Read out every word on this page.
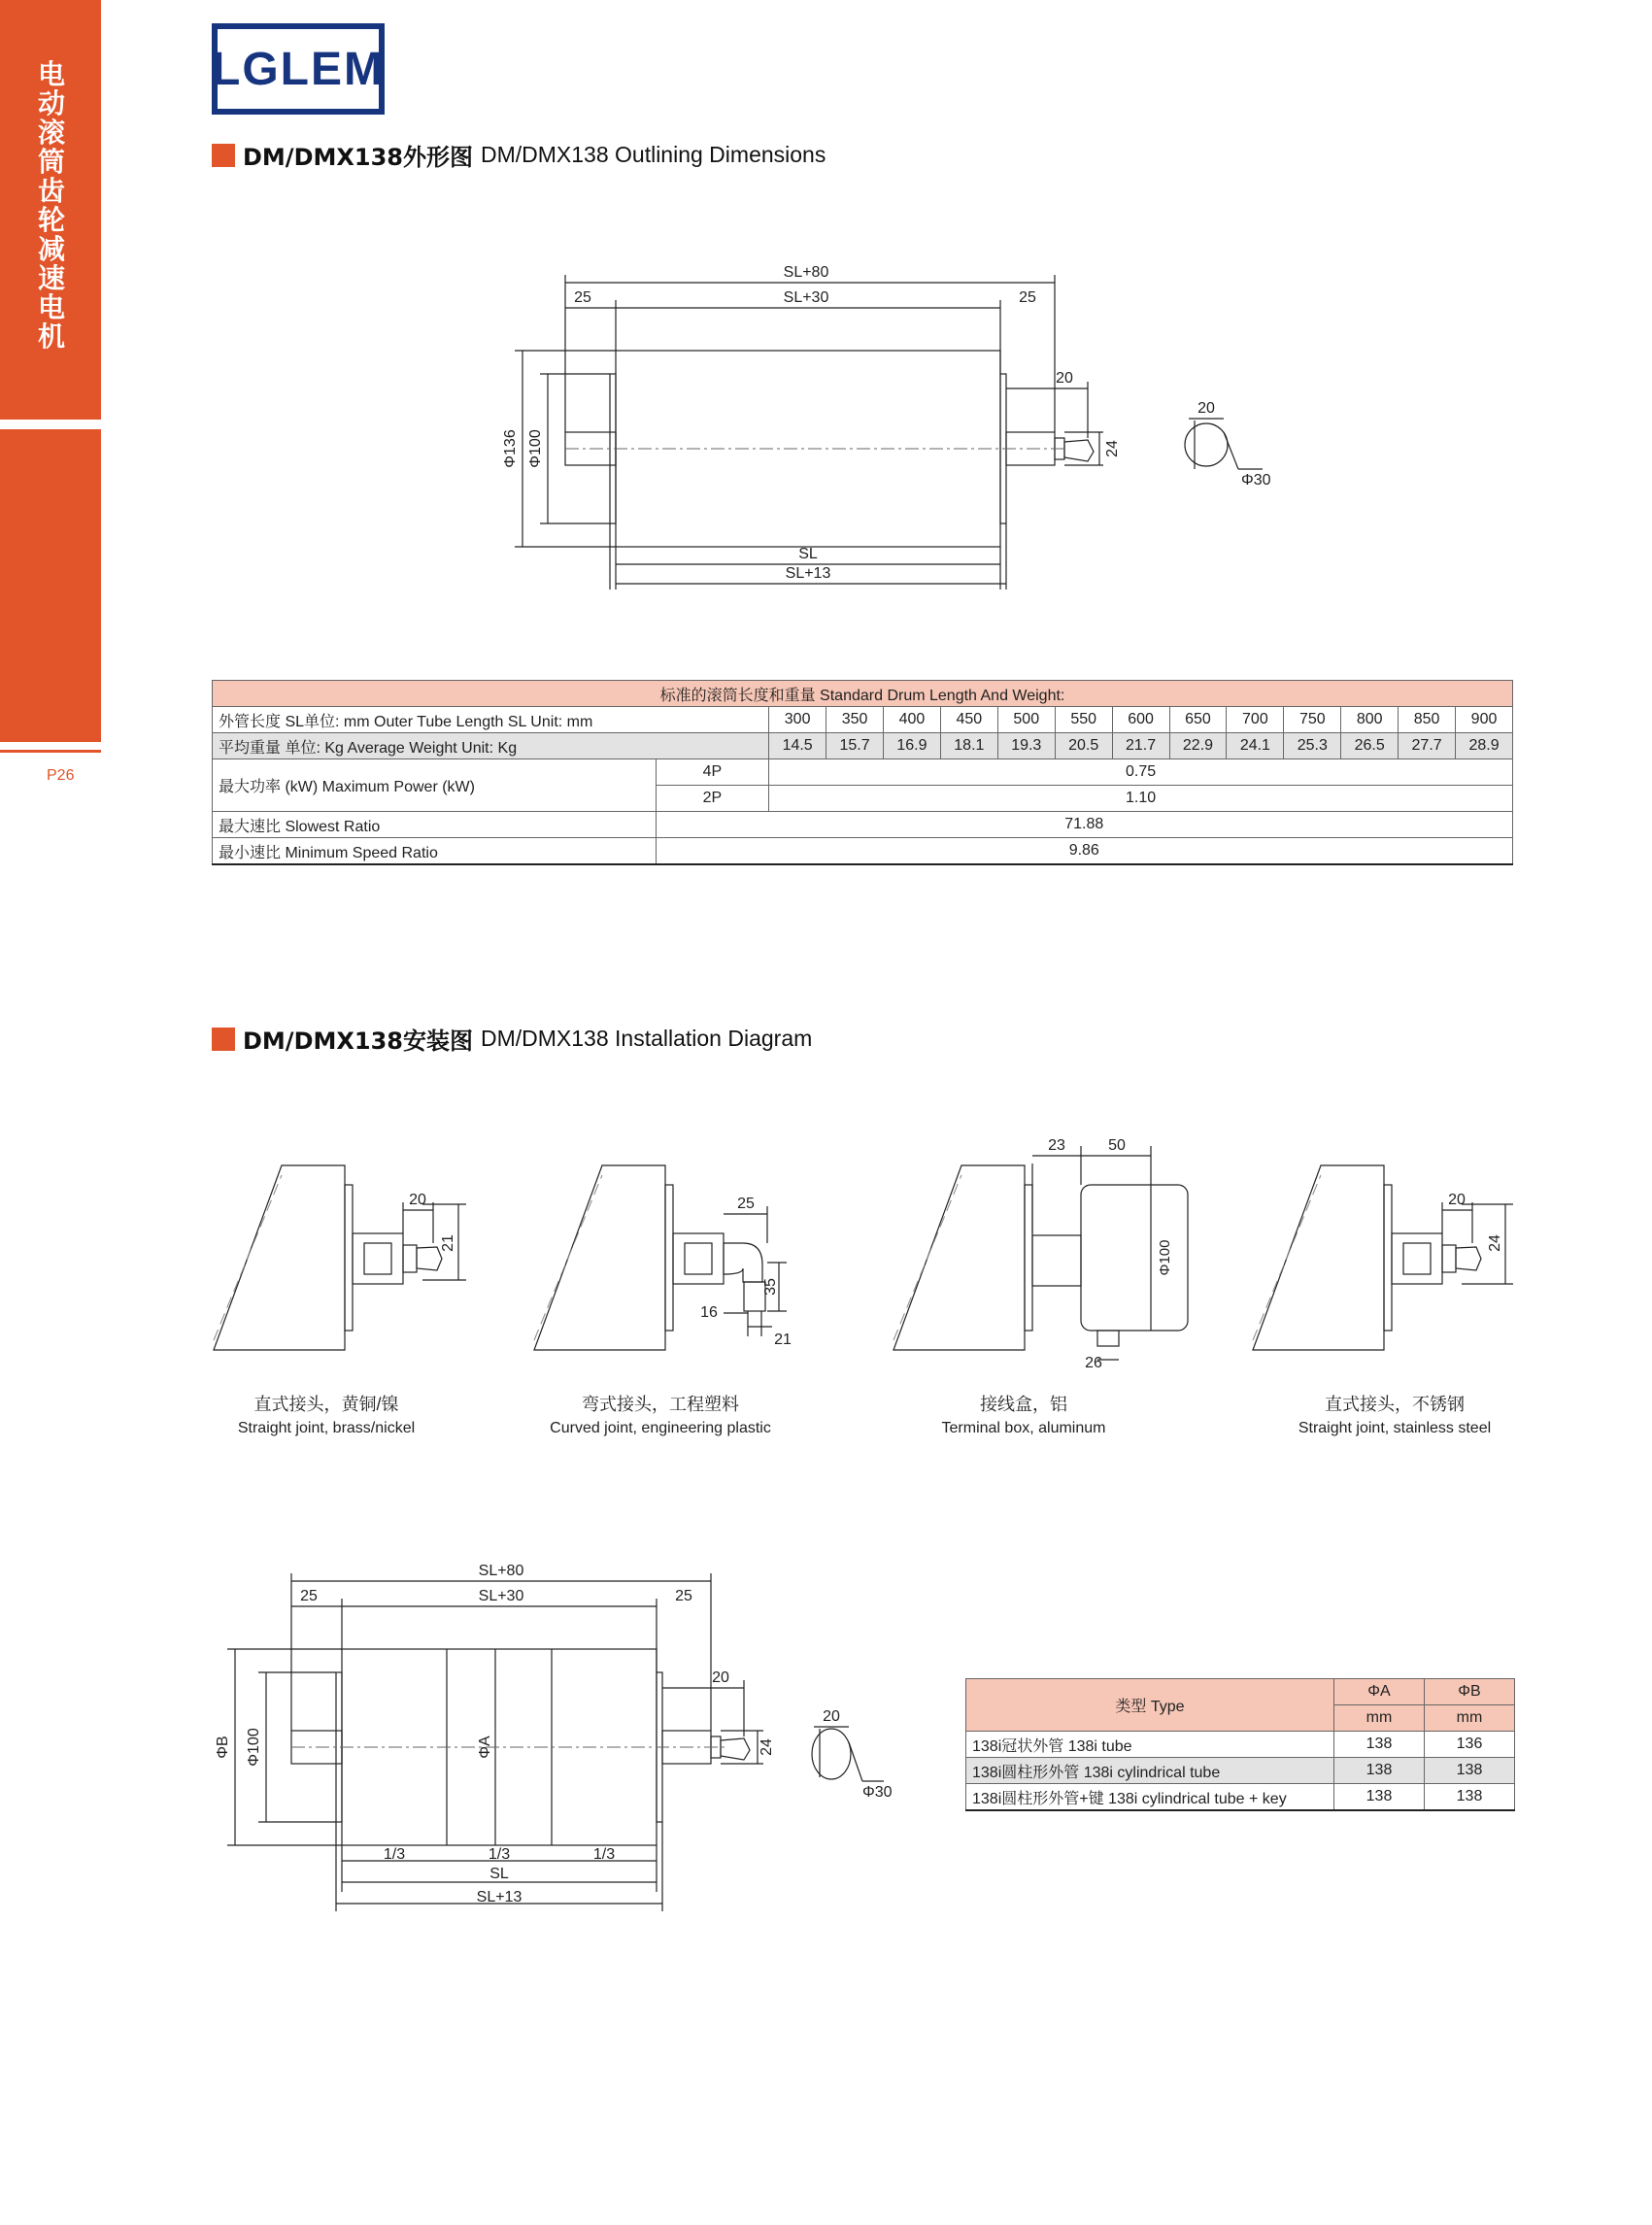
电动滚筒齿轮减速电机
MOTOR ROLLER
P26
LGLEM
DM/DMX138外形图 DM/DMX138 Outlining Dimensions
SL+80
SL+30
25	25
20
24
Φ136 Φ100
SL
SL+13
20
Φ30
标准的滚筒长度和重量 Standard Drum Length And Weight:														
外管长度 SL单位: mm Outer Tube Length SL Unit: mm		300	350	400	450	500	550	600	650	700	750	800	850	900
平均重量 单位: Kg Average Weight Unit: Kg		14.5	15.7	16.9	18.1	19.3	20.5	21.7	22.9	24.1	25.3	26.5	27.7	28.9
最大功率 (kW) Maximum Power (kW)	4P	0.75												
	2P	1.10												
最大速比 Slowest Ratio	71.88													
最小速比 Minimum Speed Ratio	9.86													
DM/DMX138安装图 DM/DMX138 Installation Diagram
20
21
直式接头，黄铜/镍
Straight joint, brass/nickel
25
35
16
21
弯式接头，工程塑料
Curved joint, engineering plastic
23	50
Φ100
26
接线盒，铝
Terminal box, aluminum
20
24
直式接头，不锈钢
Straight joint, stainless steel
SL+80
SL+30
25	25
20
24
ΦB Φ100	ΦA
1/3	1/3	1/3
SL
SL+13
20
Φ30
类型 Type	ΦA	ΦB
	mm	mm
138i冠状外管 138i tube	138	136
138i圆柱形外管 138i cylindrical tube	138	138
138i圆柱形外管+键 138i cylindrical tube + key	138	138
